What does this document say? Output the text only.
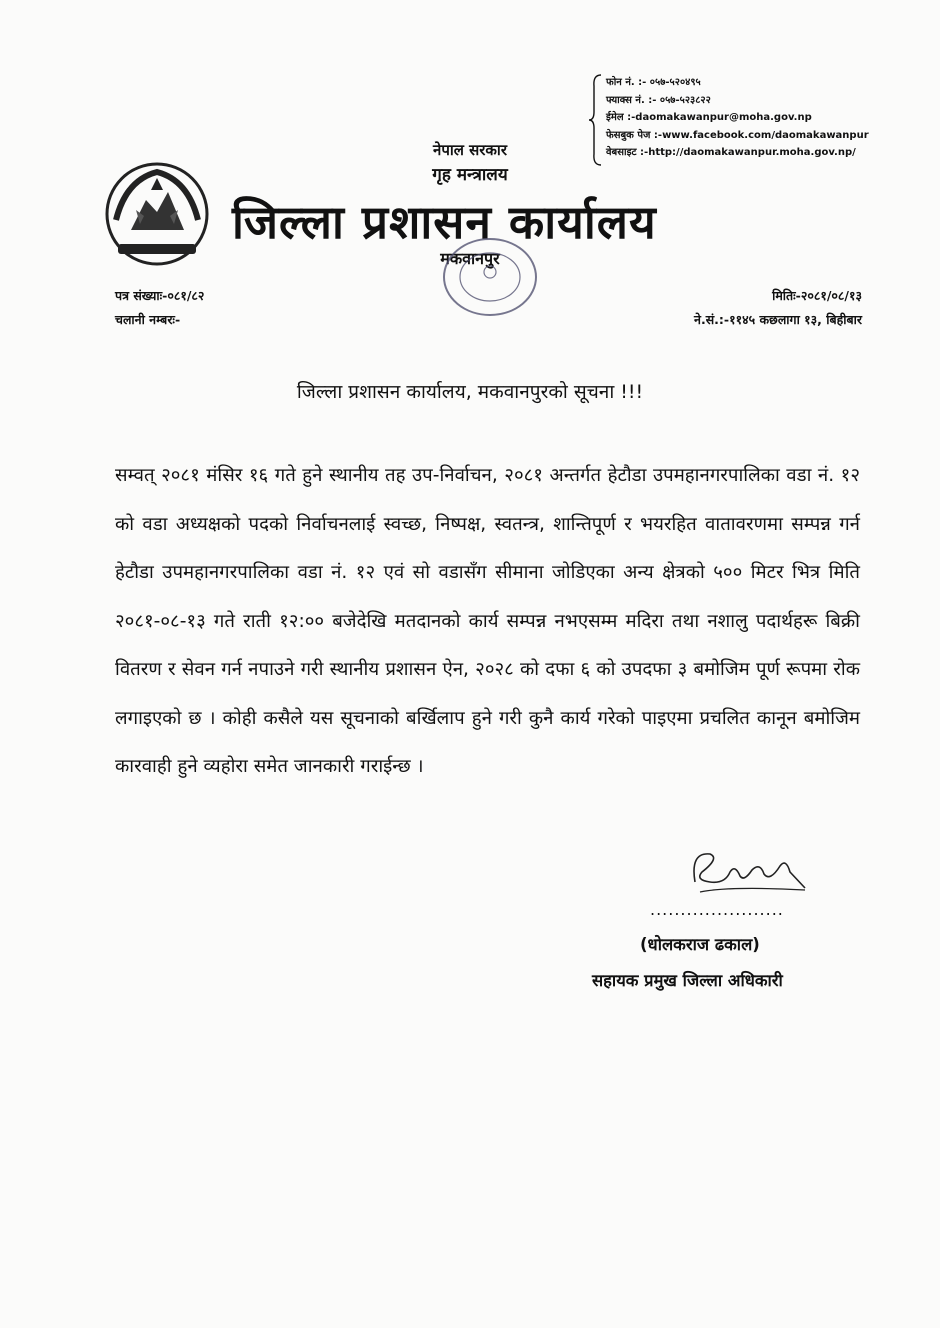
फोन नं. :- ०५७-५२०४९५
फ्याक्स नं. :- ०५७-५२३८२२
ईमेल :-daomakawanpur@moha.gov.np
फेसबुक पेज :-www.facebook.com/daomakawanpur
वेबसाइट :-http://daomakawanpur.moha.gov.np/
नेपाल सरकार
गृह मन्त्रालय
जिल्ला प्रशासन कार्यालय
मकवानपुर
पत्र संख्याः-०८१/८२
चलानी नम्बरः-
मितिः-२०८१/०८/१३
ने.सं.:-११४५ कछलागा १३, बिहीबार
जिल्ला प्रशासन कार्यालय, मकवानपुरको सूचना !!!
सम्वत् २०८१ मंसिर १६ गते हुने स्थानीय तह उप-निर्वाचन, २०८१ अन्तर्गत हेटौडा उपमहानगरपालिका वडा नं. १२ को वडा अध्यक्षको पदको निर्वाचनलाई स्वच्छ, निष्पक्ष, स्वतन्त्र, शान्तिपूर्ण र भयरहित वातावरणमा सम्पन्न गर्न हेटौडा उपमहानगरपालिका वडा नं. १२ एवं सो वडासँग सीमाना जोडिएका अन्य क्षेत्रको ५०० मिटर भित्र मिति २०८१-०८-१३ गते राती १२:०० बजेदेखि मतदानको कार्य सम्पन्न नभएसम्म मदिरा तथा नशालु पदार्थहरू बिक्री वितरण र सेवन गर्न नपाउने गरी स्थानीय प्रशासन ऐन, २०२८ को दफा ६ को उपदफा ३ बमोजिम पूर्ण रूपमा रोक लगाइएको छ । कोही कसैले यस सूचनाको बर्खिलाप हुने गरी कुनै कार्य गरेको पाइएमा प्रचलित कानून बमोजिम कारवाही हुने व्यहोरा समेत जानकारी गराईन्छ ।
......................
(धोलकराज ढकाल)
सहायक प्रमुख जिल्ला अधिकारी
